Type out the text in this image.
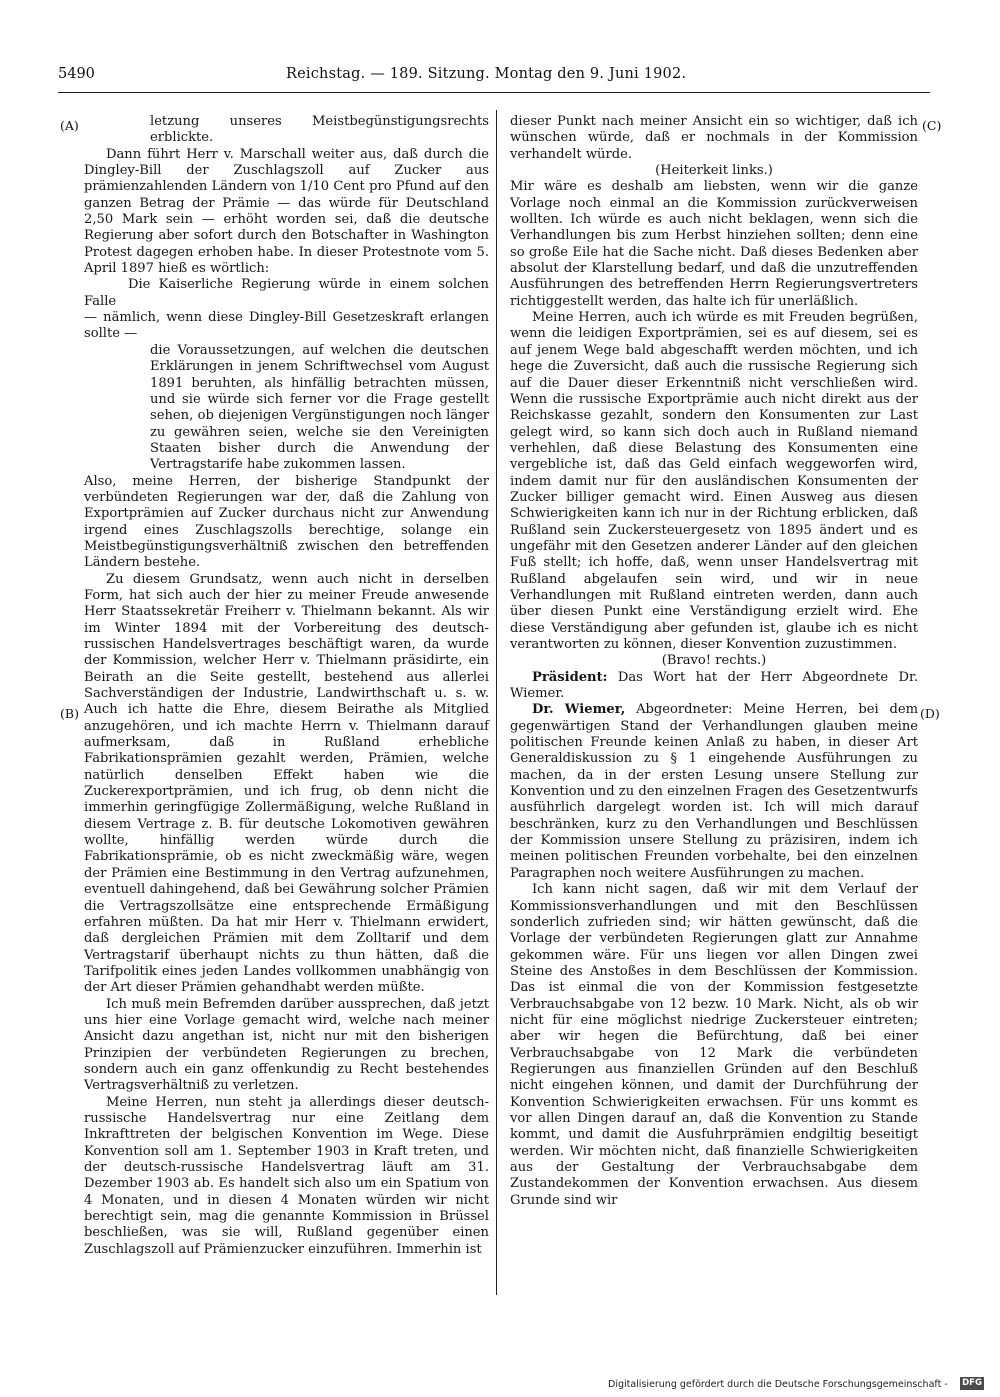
5490	Reichstag. — 189. Sitzung. Montag den 9. Juni 1902.
(A)
(B)
(C)
(D)

letzung unseres Meistbegünstigungsrechts erblickte.

Dann führt Herr v. Marschall weiter aus, daß durch die Dingley-Bill der Zuschlagszoll auf Zucker aus prämienzahlenden Ländern von 1/10 Cent pro Pfund auf den ganzen Betrag der Prämie — das würde für Deutschland 2,50 Mark sein — erhöht worden sei, daß die deutsche Regierung aber sofort durch den Botschafter in Washington Protest dagegen erhoben habe. In dieser Protestnote vom 5. April 1897 hieß es wörtlich:

Die Kaiserliche Regierung würde in einem solchen Falle

— nämlich, wenn diese Dingley-Bill Gesetzeskraft erlangen sollte —

die Voraussetzungen, auf welchen die deutschen Erklärungen in jenem Schriftwechsel vom August 1891 beruhten, als hinfällig betrachten müssen, und sie würde sich ferner vor die Frage gestellt sehen, ob diejenigen Vergünstigungen noch länger zu gewähren seien, welche sie den Vereinigten Staaten bisher durch die Anwendung der Vertragstarife habe zukommen lassen.

Also, meine Herren, der bisherige Standpunkt der verbündeten Regierungen war der, daß die Zahlung von Exportprämien auf Zucker durchaus nicht zur Anwendung irgend eines Zuschlagszolls berechtige, solange ein Meistbegünstigungsverhältniß zwischen den betreffenden Ländern bestehe.

Zu diesem Grundsatz, wenn auch nicht in derselben Form, hat sich auch der hier zu meiner Freude anwesende Herr Staatssekretär Freiherr v. Thielmann bekannt. Als wir im Winter 1894 mit der Vorbereitung des deutsch-russischen Handelsvertrages beschäftigt waren, da wurde der Kommission, welcher Herr v. Thielmann präsidirte, ein Beirath an die Seite gestellt, bestehend aus allerlei Sachverständigen der Industrie, Landwirthschaft u. s. w. Auch ich hatte die Ehre, diesem Beirathe als Mitglied anzugehören, und ich machte Herrn v. Thielmann darauf aufmerksam, daß in Rußland erhebliche Fabrikationsprämien gezahlt werden, Prämien, welche natürlich denselben Effekt haben wie die Zuckerexportprämien, und ich frug, ob denn nicht die immerhin geringfügige Zollermäßigung, welche Rußland in diesem Vertrage z. B. für deutsche Lokomotiven gewähren wollte, hinfällig werden würde durch die Fabrikationsprämie, ob es nicht zweckmäßig wäre, wegen der Prämien eine Bestimmung in den Vertrag aufzunehmen, eventuell dahingehend, daß bei Gewährung solcher Prämien die Vertragszollsätze eine entsprechende Ermäßigung erfahren müßten. Da hat mir Herr v. Thielmann erwidert, daß dergleichen Prämien mit dem Zolltarif und dem Vertragstarif überhaupt nichts zu thun hätten, daß die Tarifpolitik eines jeden Landes vollkommen unabhängig von der Art dieser Prämien gehandhabt werden müßte.

Ich muß mein Befremden darüber aussprechen, daß jetzt uns hier eine Vorlage gemacht wird, welche nach meiner Ansicht dazu angethan ist, nicht nur mit den bisherigen Prinzipien der verbündeten Regierungen zu brechen, sondern auch ein ganz offenkundig zu Recht bestehendes Vertragsverhältniß zu verletzen.

Meine Herren, nun steht ja allerdings dieser deutsch-russische Handelsvertrag nur eine Zeitlang dem Inkrafttreten der belgischen Konvention im Wege. Diese Konvention soll am 1. September 1903 in Kraft treten, und der deutsch-russische Handelsvertrag läuft am 31. Dezember 1903 ab. Es handelt sich also um ein Spatium von 4 Monaten, und in diesen 4 Monaten würden wir nicht berechtigt sein, mag die genannte Kommission in Brüssel beschließen, was sie will, Rußland gegenüber einen Zuschlagszoll auf Prämienzucker einzuführen. Immerhin ist

dieser Punkt nach meiner Ansicht ein so wichtiger, daß ich wünschen würde, daß er nochmals in der Kommission verhandelt würde.

(Heiterkeit links.)

Mir wäre es deshalb am liebsten, wenn wir die ganze Vorlage noch einmal an die Kommission zurückverweisen wollten. Ich würde es auch nicht beklagen, wenn sich die Verhandlungen bis zum Herbst hinziehen sollten; denn eine so große Eile hat die Sache nicht. Daß dieses Bedenken aber absolut der Klarstellung bedarf, und daß die unzutreffenden Ausführungen des betreffenden Herrn Regierungsvertreters richtiggestellt werden, das halte ich für unerläßlich.

Meine Herren, auch ich würde es mit Freuden begrüßen, wenn die leidigen Exportprämien, sei es auf diesem, sei es auf jenem Wege bald abgeschafft werden möchten, und ich hege die Zuversicht, daß auch die russische Regierung sich auf die Dauer dieser Erkenntniß nicht verschließen wird. Wenn die russische Exportprämie auch nicht direkt aus der Reichskasse gezahlt, sondern den Konsumenten zur Last gelegt wird, so kann sich doch auch in Rußland niemand verhehlen, daß diese Belastung des Konsumenten eine vergebliche ist, daß das Geld einfach weggeworfen wird, indem damit nur für den ausländischen Konsumenten der Zucker billiger gemacht wird. Einen Ausweg aus diesen Schwierigkeiten kann ich nur in der Richtung erblicken, daß Rußland sein Zuckersteuergesetz von 1895 ändert und es ungefähr mit den Gesetzen anderer Länder auf den gleichen Fuß stellt; ich hoffe, daß, wenn unser Handelsvertrag mit Rußland abgelaufen sein wird, und wir in neue Verhandlungen mit Rußland eintreten werden, dann auch über diesen Punkt eine Verständigung erzielt wird. Ehe diese Verständigung aber gefunden ist, glaube ich es nicht verantworten zu können, dieser Konvention zuzustimmen.

(Bravo! rechts.)

Präsident: Das Wort hat der Herr Abgeordnete Dr. Wiemer.

Dr. Wiemer, Abgeordneter: Meine Herren, bei dem gegenwärtigen Stand der Verhandlungen glauben meine politischen Freunde keinen Anlaß zu haben, in dieser Art Generaldiskussion zu § 1 eingehende Ausführungen zu machen, da in der ersten Lesung unsere Stellung zur Konvention und zu den einzelnen Fragen des Gesetzentwurfs ausführlich dargelegt worden ist. Ich will mich darauf beschränken, kurz zu den Verhandlungen und Beschlüssen der Kommission unsere Stellung zu präzisiren, indem ich meinen politischen Freunden vorbehalte, bei den einzelnen Paragraphen noch weitere Ausführungen zu machen.

Ich kann nicht sagen, daß wir mit dem Verlauf der Kommissionsverhandlungen und mit den Beschlüssen sonderlich zufrieden sind; wir hätten gewünscht, daß die Vorlage der verbündeten Regierungen glatt zur Annahme gekommen wäre. Für uns liegen vor allen Dingen zwei Steine des Anstoßes in dem Beschlüssen der Kommission. Das ist einmal die von der Kommission festgesetzte Verbrauchsabgabe von 12 bezw. 10 Mark. Nicht, als ob wir nicht für eine möglichst niedrige Zuckersteuer eintreten; aber wir hegen die Befürchtung, daß bei einer Verbrauchsabgabe von 12 Mark die verbündeten Regierungen aus finanziellen Gründen auf den Beschluß nicht eingehen können, und damit der Durchführung der Konvention Schwierigkeiten erwachsen. Für uns kommt es vor allen Dingen darauf an, daß die Konvention zu Stande kommt, und damit die Ausfuhrprämien endgiltig beseitigt werden. Wir möchten nicht, daß finanzielle Schwierigkeiten aus der Gestaltung der Verbrauchsabgabe dem Zustandekommen der Konvention erwachsen. Aus diesem Grunde sind wir

Digitalisierung gefördert durch die Deutsche Forschungsgemeinschaft - DFG
